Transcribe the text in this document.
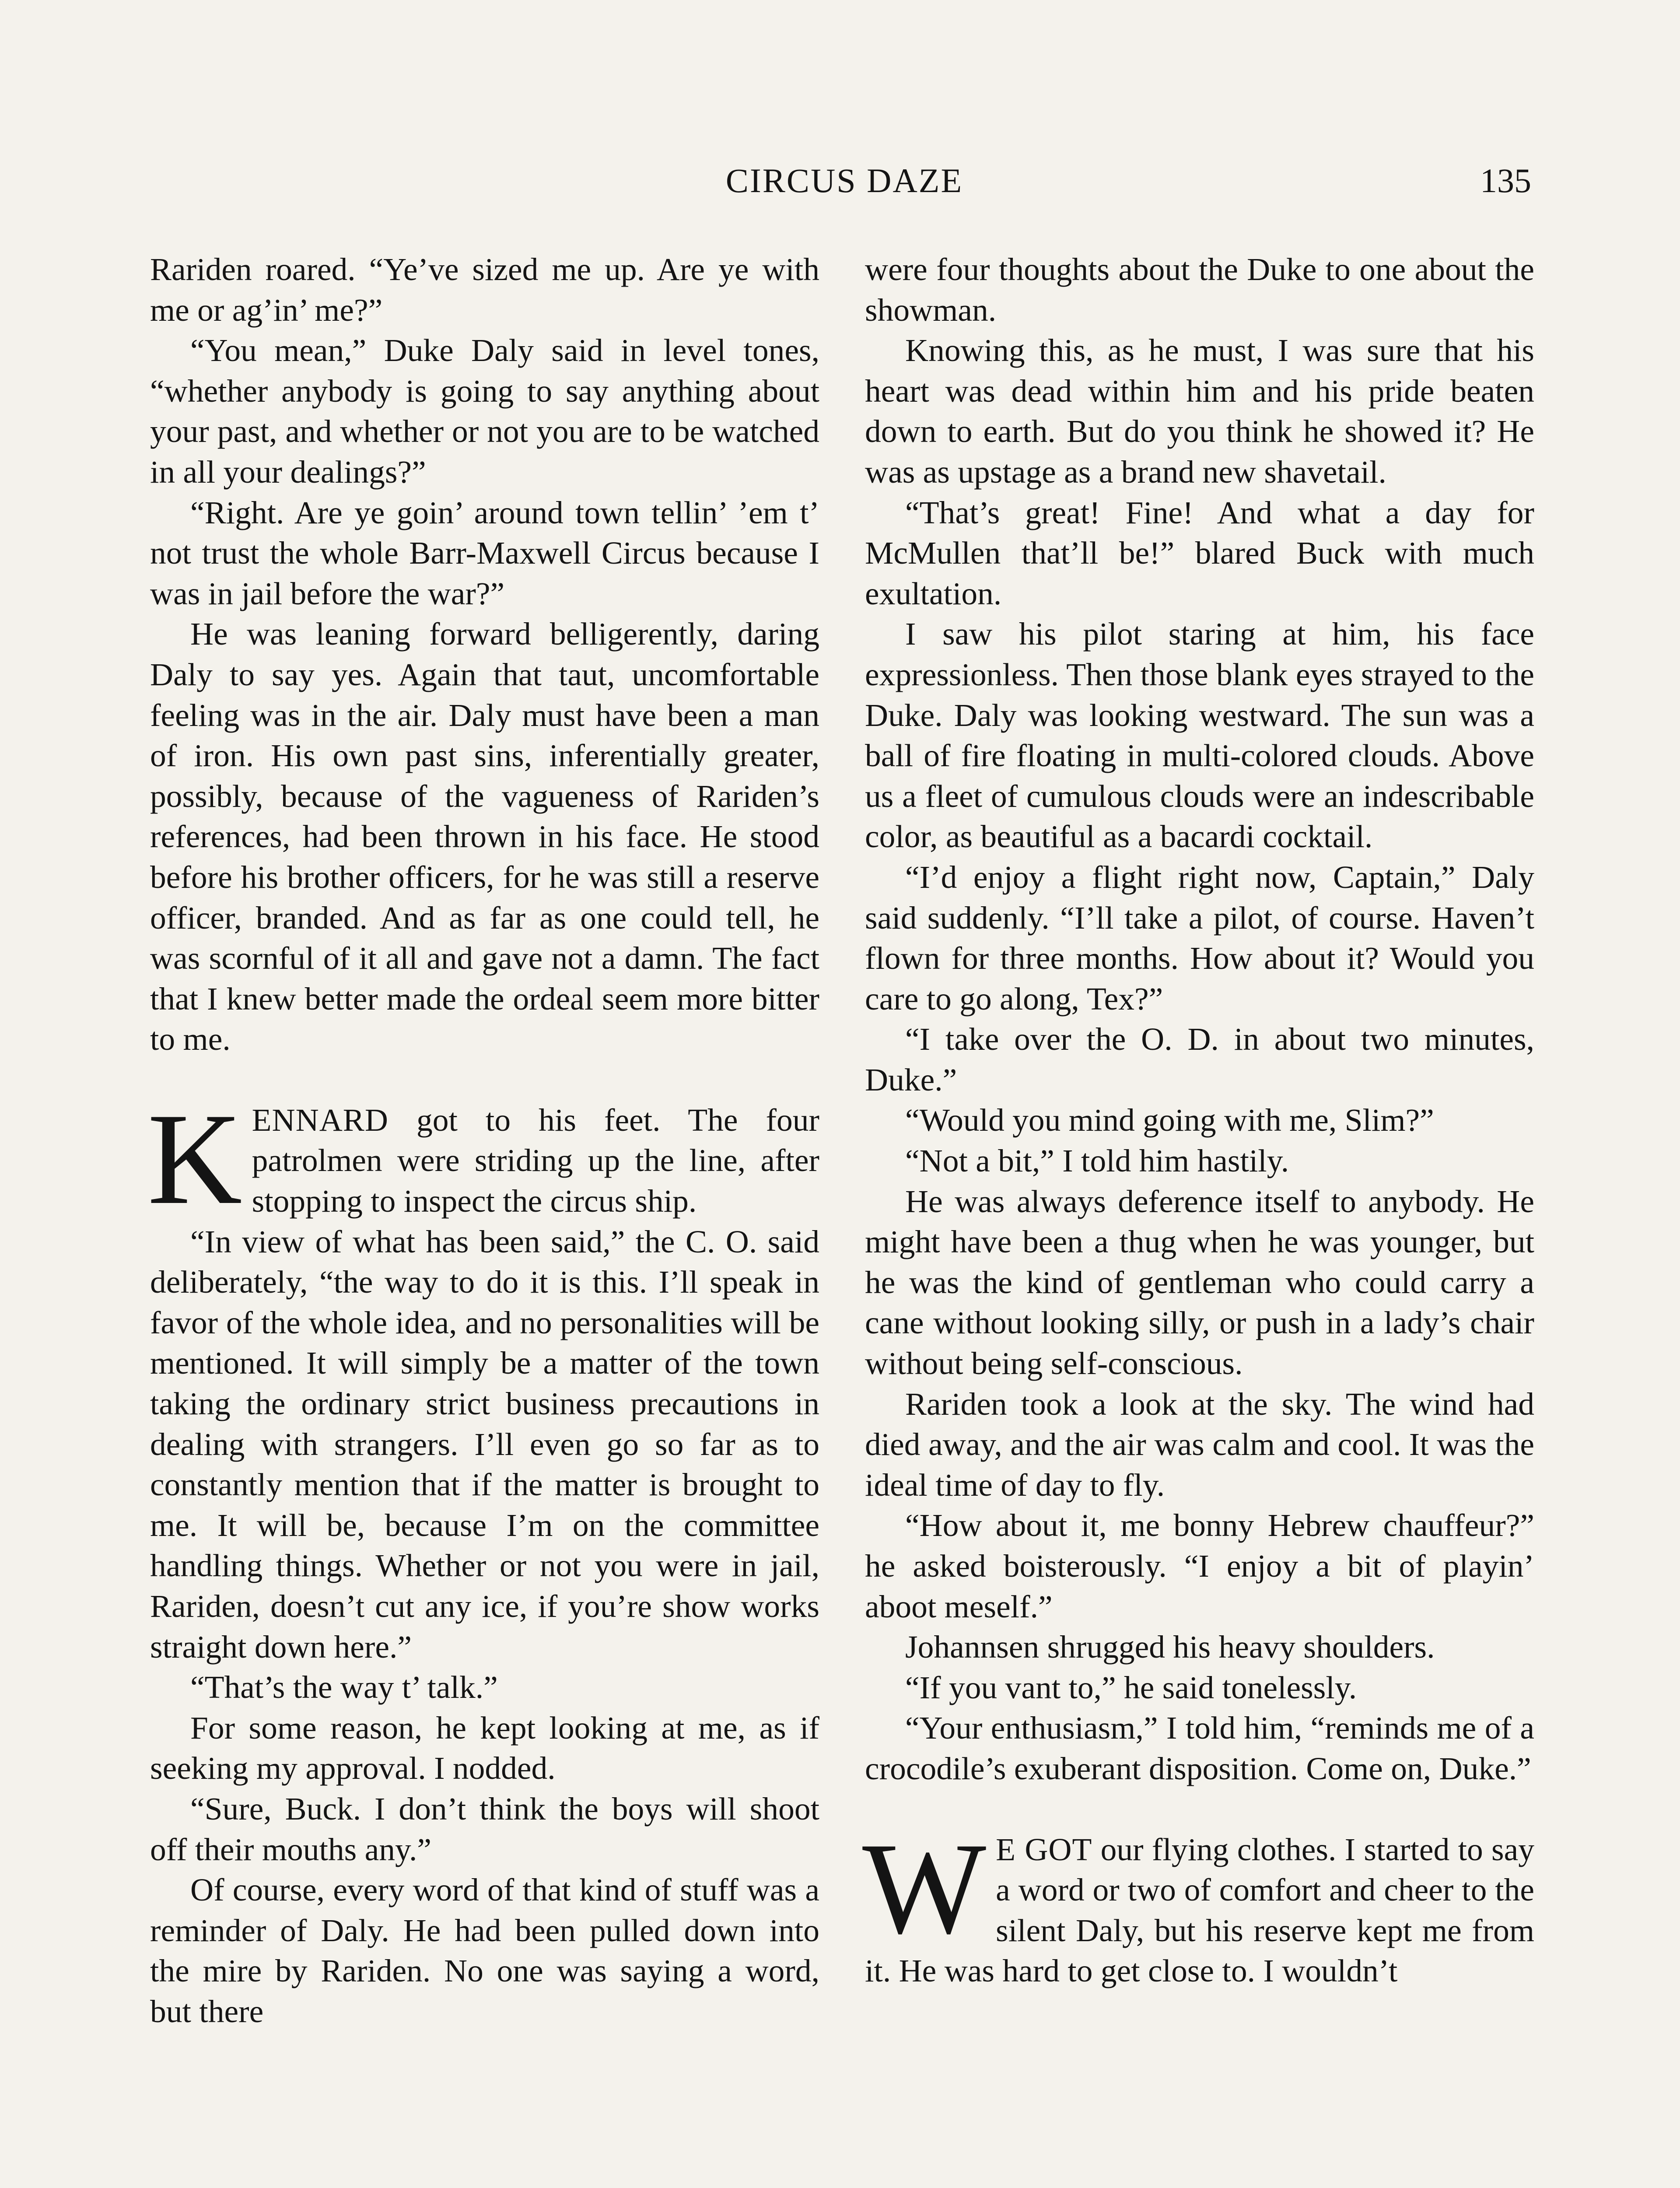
CIRCUS DAZE	135

Rariden roared. “Ye’ve sized me up. Are ye with me or ag’in’ me?”

“You mean,” Duke Daly said in level tones, “whether anybody is going to say anything about your past, and whether or not you are to be watched in all your dealings?”

“Right. Are ye goin’ around town tellin’ ’em t’ not trust the whole Barr-Maxwell Circus because I was in jail before the war?”

He was leaning forward belligerently, daring Daly to say yes. Again that taut, uncomfortable feeling was in the air. Daly must have been a man of iron. His own past sins, inferentially greater, possibly, because of the vagueness of Rariden’s references, had been thrown in his face. He stood before his brother officers, for he was still a reserve officer, branded. And as far as one could tell, he was scornful of it all and gave not a damn. The fact that I knew better made the ordeal seem more bitter to me.

KENNARD got to his feet. The four patrolmen were striding up the line, after stopping to inspect the circus ship.

“In view of what has been said,” the C. O. said deliberately, “the way to do it is this. I’ll speak in favor of the whole idea, and no personalities will be mentioned. It will simply be a matter of the town taking the ordinary strict business precautions in dealing with strangers. I’ll even go so far as to constantly mention that if the matter is brought to me. It will be, because I’m on the committee handling things. Whether or not you were in jail, Rariden, doesn’t cut any ice, if you’re show works straight down here.”

“That’s the way t’ talk.”

For some reason, he kept looking at me, as if seeking my approval. I nodded.

“Sure, Buck. I don’t think the boys will shoot off their mouths any.”

Of course, every word of that kind of stuff was a reminder of Daly. He had been pulled down into the mire by Rariden. No one was saying a word, but there

were four thoughts about the Duke to one about the showman.

Knowing this, as he must, I was sure that his heart was dead within him and his pride beaten down to earth. But do you think he showed it? He was as upstage as a brand new shavetail.

“That’s great! Fine! And what a day for McMullen that’ll be!” blared Buck with much exultation.

I saw his pilot staring at him, his face expressionless. Then those blank eyes strayed to the Duke. Daly was looking westward. The sun was a ball of fire floating in multi-colored clouds. Above us a fleet of cumulous clouds were an indescribable color, as beautiful as a bacardi cocktail.

“I’d enjoy a flight right now, Captain,” Daly said suddenly. “I’ll take a pilot, of course. Haven’t flown for three months. How about it? Would you care to go along, Tex?”

“I take over the O. D. in about two minutes, Duke.”

“Would you mind going with me, Slim?”

“Not a bit,” I told him hastily.

He was always deference itself to anybody. He might have been a thug when he was younger, but he was the kind of gentleman who could carry a cane without looking silly, or push in a lady’s chair without being self-conscious.

Rariden took a look at the sky. The wind had died away, and the air was calm and cool. It was the ideal time of day to fly.

“How about it, me bonny Hebrew chauffeur?” he asked boisterously. “I enjoy a bit of playin’ aboot meself.”

Johannsen shrugged his heavy shoulders.

“If you vant to,” he said tonelessly.

“Your enthusiasm,” I told him, “reminds me of a crocodile’s exuberant disposition. Come on, Duke.”

W E GOT our flying clothes. I started to say a word or two of comfort and cheer to the silent Daly, but his reserve kept me from it. He was hard to get close to. I wouldn’t
